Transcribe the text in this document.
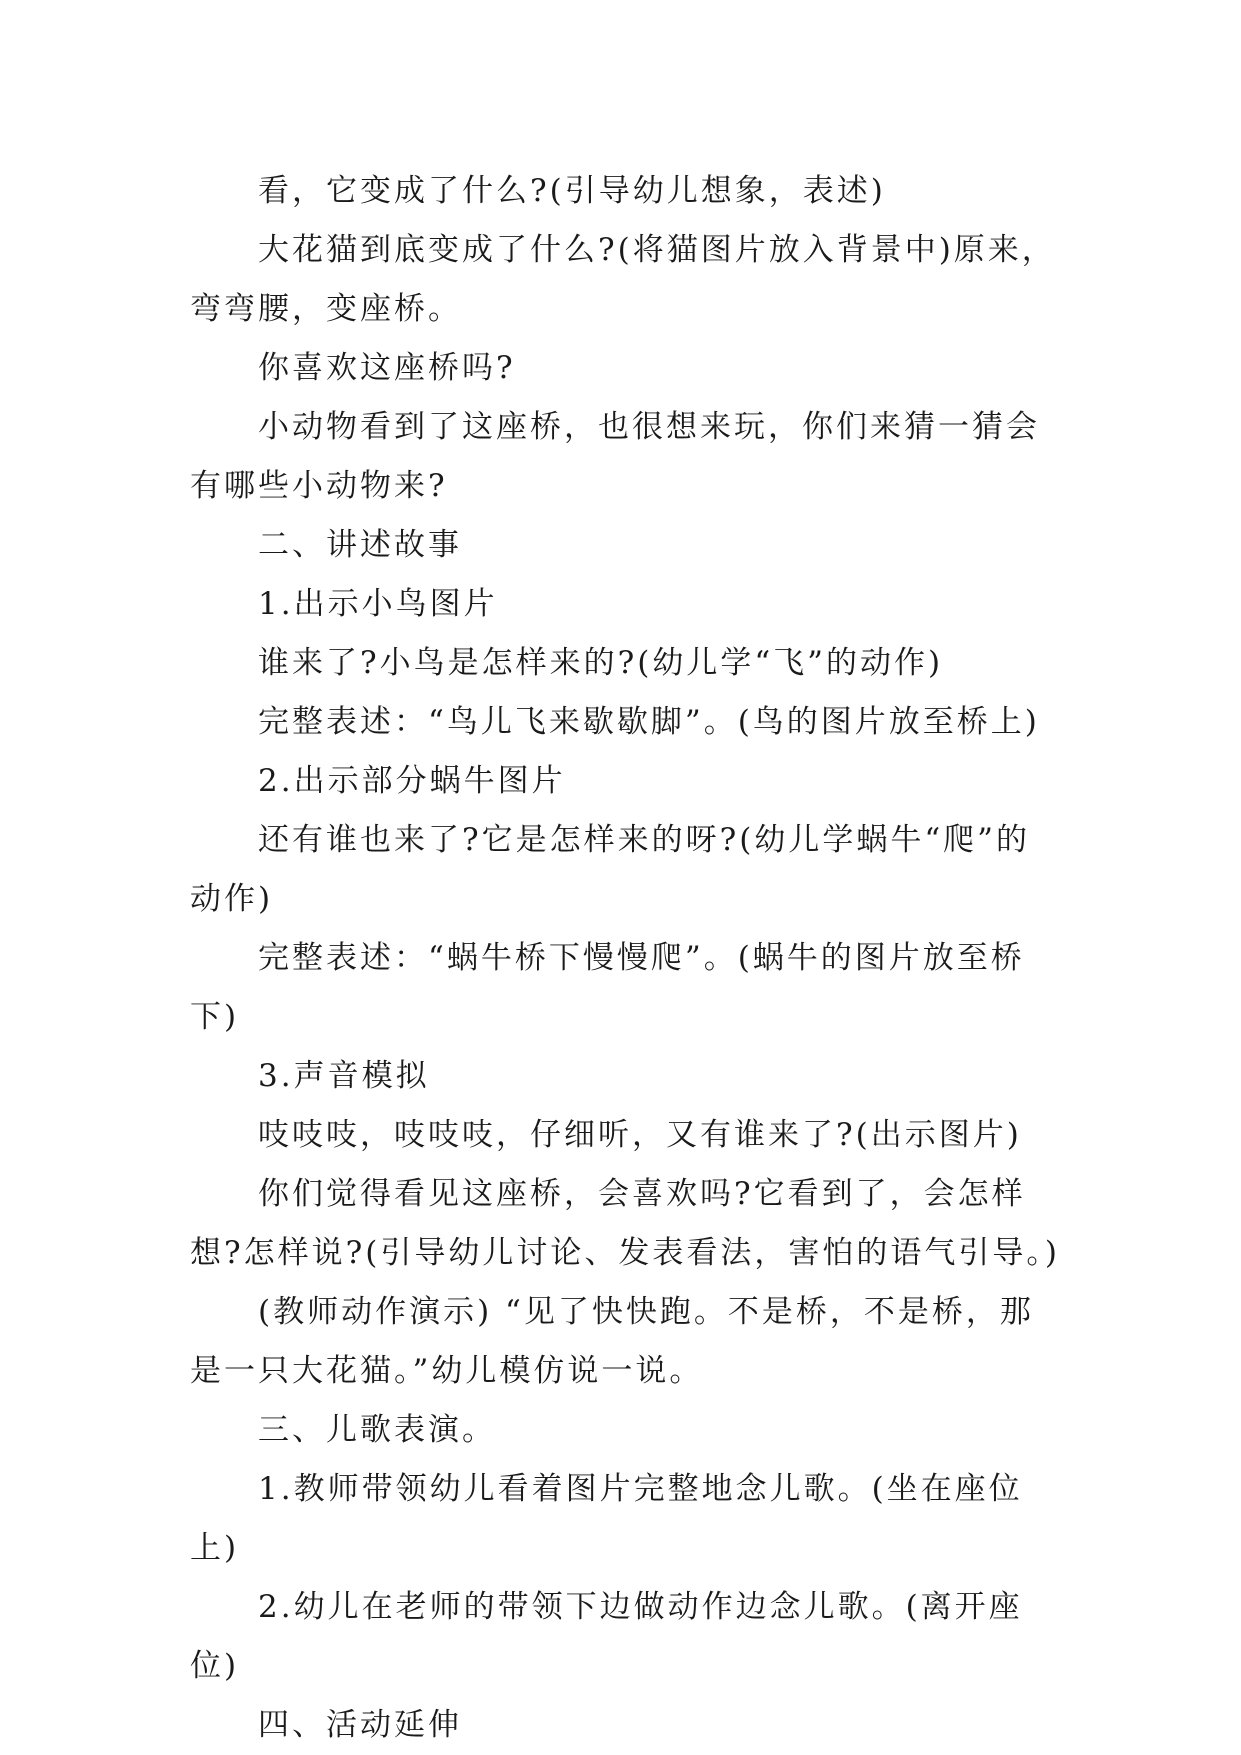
看，它变成了什么?(引导幼儿想象，表述)

大花猫到底变成了什么?(将猫图片放入背景中)原来，弯弯腰，变座桥。

你喜欢这座桥吗?

小动物看到了这座桥，也很想来玩，你们来猜一猜会有哪些小动物来?

二、讲述故事

1.出示小鸟图片

谁来了?小鸟是怎样来的?(幼儿学“飞”的动作)

完整表述：“鸟儿飞来歇歇脚”。(鸟的图片放至桥上)

2.出示部分蜗牛图片

还有谁也来了?它是怎样来的呀?(幼儿学蜗牛“爬”的动作)

完整表述：“蜗牛桥下慢慢爬”。(蜗牛的图片放至桥下)

3.声音模拟

吱吱吱，吱吱吱，仔细听，又有谁来了?(出示图片)

你们觉得看见这座桥，会喜欢吗?它看到了，会怎样想?怎样说?(引导幼儿讨论、发表看法，害怕的语气引导。)

(教师动作演示) “见了快快跑。不是桥，不是桥，那是一只大花猫。”幼儿模仿说一说。

三、儿歌表演。

1.教师带领幼儿看着图片完整地念儿歌。(坐在座位上)

2.幼儿在老师的带领下边做动作边念儿歌。(离开座位)

四、活动延伸
